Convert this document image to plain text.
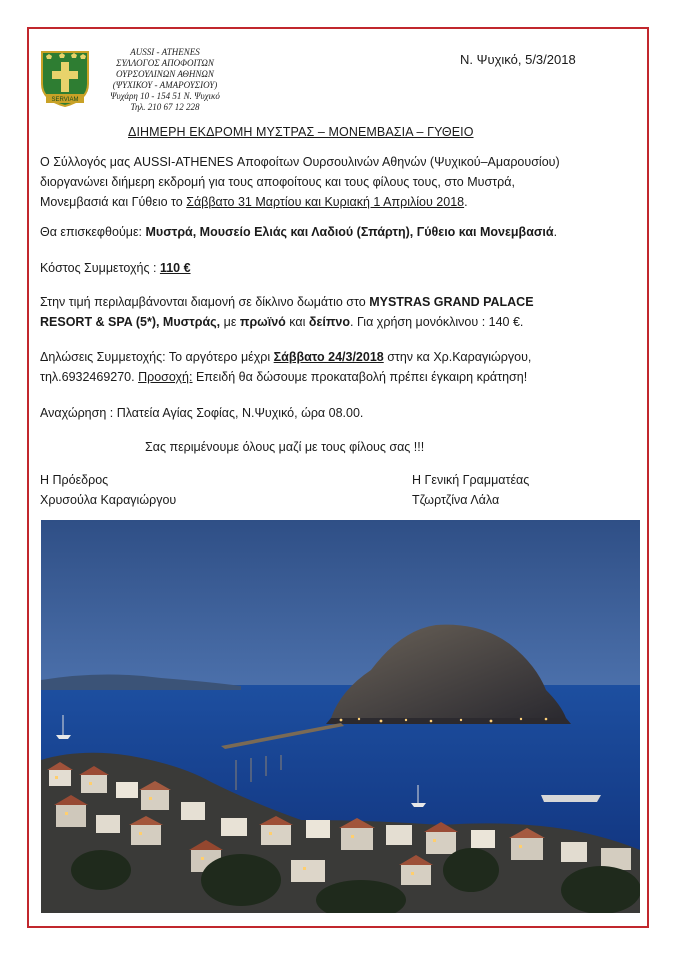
SERVIAM
AUSSI - ATHENES
ΣΥΛΛΟΓΟΣ ΑΠΟΦΟΙΤΩΝ
ΟΥΡΣΟΥΛΙΝΩΝ ΑΘΗΝΩΝ
(ΨΥΧΙΚΟΥ - ΑΜΑΡΟΥΣΙΟΥ)
Ψυχάρη 10 - 154 51 Ν. Ψυχικό
Τηλ. 210 67 12 228
Ν. Ψυχικό, 5/3/2018
ΔΙΗΜΕΡΗ ΕΚΔΡΟΜΗ ΜΥΣΤΡΑΣ – ΜΟΝΕΜΒΑΣΙΑ – ΓΥΘΕΙΟ
Ο Σύλλογός μας AUSSI-ATHENES Αποφοίτων Ουρσουλινών Αθηνών (Ψυχικού–Αμαρουσίου)
διοργανώνει διήμερη εκδρομή για τους αποφοίτους και τους φίλους τους, στο Μυστρά,
Μονεμβασιά και Γύθειο το Σάββατο 31 Μαρτίου και Κυριακή 1 Απριλίου 2018.
Θα επισκεφθούμε: Μυστρά, Μουσείο Ελιάς και Λαδιού (Σπάρτη), Γύθειο και Μονεμβασιά.
Κόστος Συμμετοχής : 110 €
Στην τιμή περιλαμβάνονται διαμονή σε δίκλινο δωμάτιο στο MYSTRAS GRAND PALACE
RESORT & SPA (5*), Μυστράς, με πρωϊνό και δείπνο. Για χρήση μονόκλινου : 140 €.
Δηλώσεις Συμμετοχής: Το αργότερο μέχρι Σάββατο 24/3/2018 στην κα Χρ.Καραγιώργου,
τηλ.6932469270. Προσοχή: Επειδή θα δώσουμε προκαταβολή πρέπει έγκαιρη κράτηση!
Αναχώρηση : Πλατεία Αγίας Σοφίας, Ν.Ψυχικό, ώρα 08.00.
Σας περιμένουμε όλους μαζί με τους φίλους σας !!!
Η Πρόεδρος
Χρυσούλα Καραγιώργου
Η Γενική Γραμματέας
Τζωρτζίνα Λάλα
